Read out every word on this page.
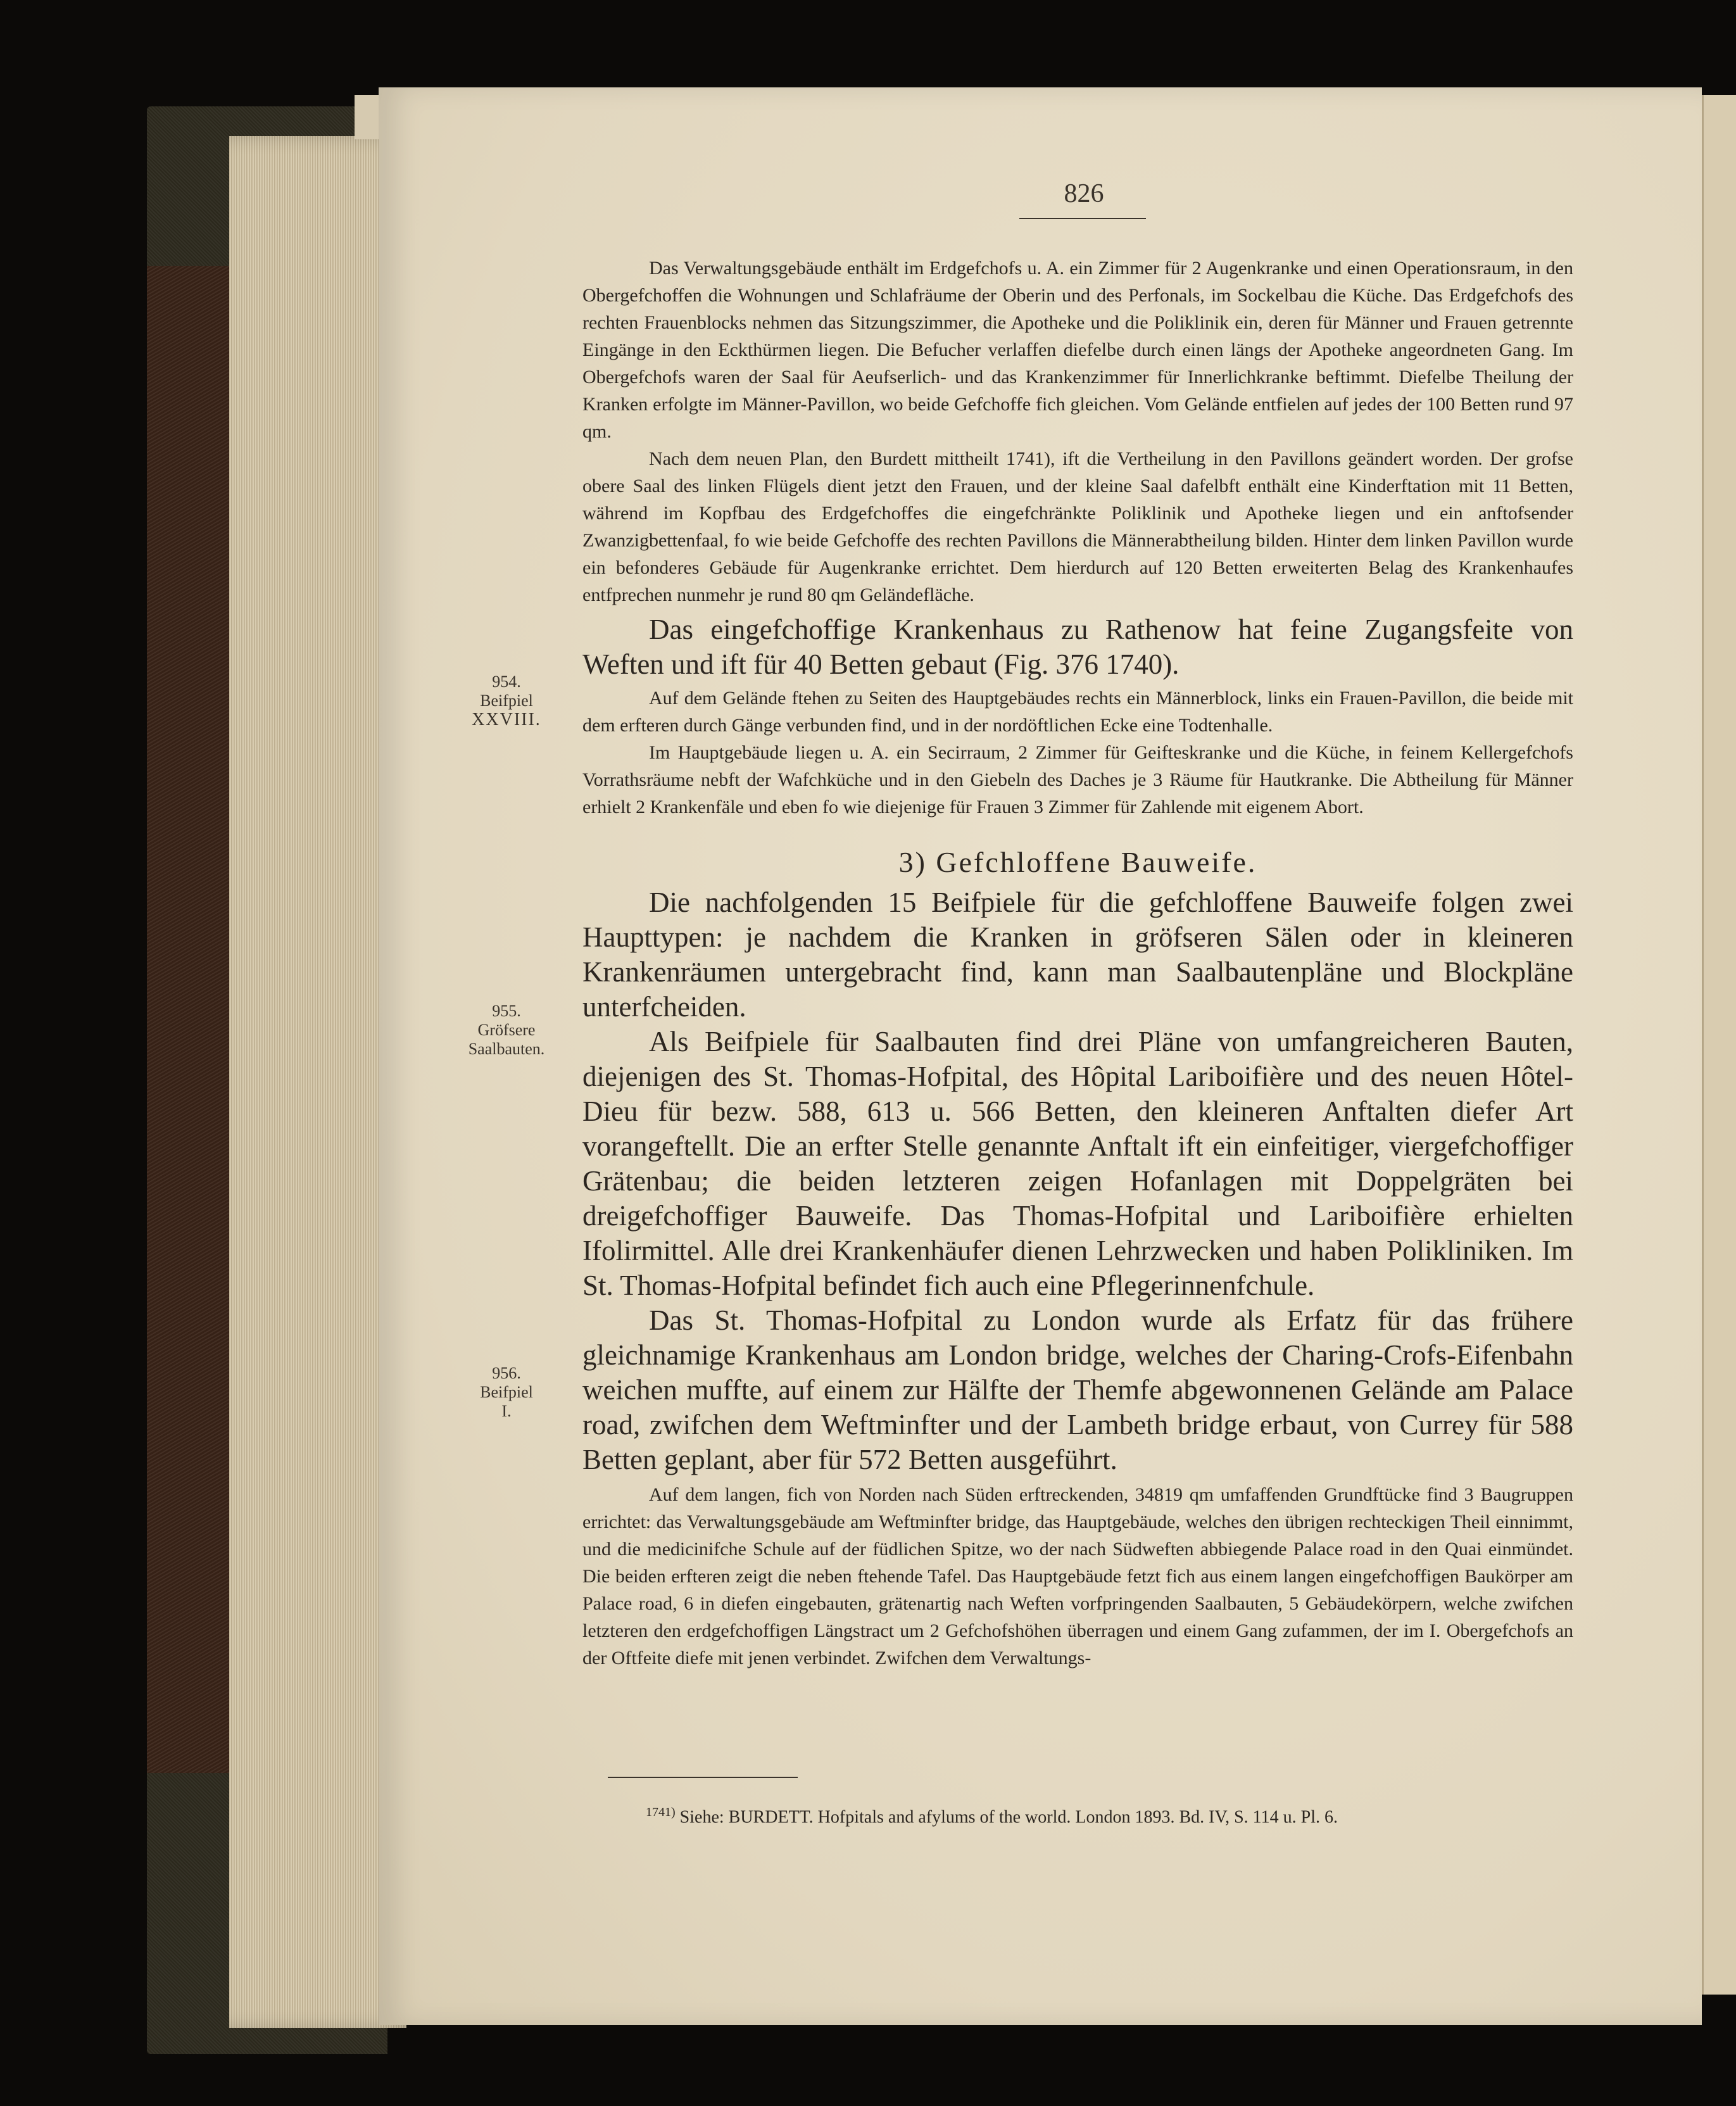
826
954.
Beifpiel
XXVIII.
955.
Gröfsere
Saalbauten.
956.
Beifpiel
I.

Das Verwaltungsgebäude enthält im Erdgefchofs u. A. ein Zimmer für 2 Augenkranke und einen Operationsraum, in den Obergefchoffen die Wohnungen und Schlafräume der Oberin und des Perfonals, im Sockelbau die Küche. Das Erdgefchofs des rechten Frauenblocks nehmen das Sitzungszimmer, die Apotheke und die Poliklinik ein, deren für Männer und Frauen getrennte Eingänge in den Eckthürmen liegen. Die Befucher verlaffen diefelbe durch einen längs der Apotheke angeordneten Gang. Im Obergefchofs waren der Saal für Aeufserlich- und das Krankenzimmer für Innerlichkranke beftimmt. Diefelbe Theilung der Kranken erfolgte im Männer-Pavillon, wo beide Gefchoffe fich gleichen. Vom Gelände entfielen auf jedes der 100 Betten rund 97 qm.

Nach dem neuen Plan, den Burdett mittheilt 1741), ift die Vertheilung in den Pavillons geändert worden. Der grofse obere Saal des linken Flügels dient jetzt den Frauen, und der kleine Saal dafelbft enthält eine Kinderftation mit 11 Betten, während im Kopfbau des Erdgefchoffes die eingefchränkte Poliklinik und Apotheke liegen und ein anftofsender Zwanzigbettenfaal, fo wie beide Gefchoffe des rechten Pavillons die Männerabtheilung bilden. Hinter dem linken Pavillon wurde ein befonderes Gebäude für Augenkranke errichtet. Dem hierdurch auf 120 Betten erweiterten Belag des Krankenhaufes entfprechen nunmehr je rund 80 qm Geländefläche.

Das eingefchoffige Krankenhaus zu Rathenow hat feine Zugangsfeite von Weften und ift für 40 Betten gebaut (Fig. 376 1740).

Auf dem Gelände ftehen zu Seiten des Hauptgebäudes rechts ein Männerblock, links ein Frauen-Pavillon, die beide mit dem erfteren durch Gänge verbunden find, und in der nordöftlichen Ecke eine Todtenhalle.

Im Hauptgebäude liegen u. A. ein Secirraum, 2 Zimmer für Geifteskranke und die Küche, in feinem Kellergefchofs Vorrathsräume nebft der Wafchküche und in den Giebeln des Daches je 3 Räume für Hautkranke. Die Abtheilung für Männer erhielt 2 Krankenfäle und eben fo wie diejenige für Frauen 3 Zimmer für Zahlende mit eigenem Abort.

3) Gefchloffene Bauweife.

Die nachfolgenden 15 Beifpiele für die gefchloffene Bauweife folgen zwei Haupttypen: je nachdem die Kranken in gröfseren Sälen oder in kleineren Krankenräumen untergebracht find, kann man Saalbautenpläne und Blockpläne unterfcheiden.

Als Beifpiele für Saalbauten find drei Pläne von umfangreicheren Bauten, diejenigen des St. Thomas-Hofpital, des Hôpital Lariboifière und des neuen Hôtel-Dieu für bezw. 588, 613 u. 566 Betten, den kleineren Anftalten diefer Art vorangeftellt. Die an erfter Stelle genannte Anftalt ift ein einfeitiger, viergefchoffiger Grätenbau; die beiden letzteren zeigen Hofanlagen mit Doppelgräten bei dreigefchoffiger Bauweife. Das Thomas-Hofpital und Lariboifière erhielten Ifolirmittel. Alle drei Krankenhäufer dienen Lehrzwecken und haben Polikliniken. Im St. Thomas-Hofpital befindet fich auch eine Pflegerinnenfchule.

Das St. Thomas-Hofpital zu London wurde als Erfatz für das frühere gleichnamige Krankenhaus am London bridge, welches der Charing-Crofs-Eifenbahn weichen muffte, auf einem zur Hälfte der Themfe abgewonnenen Gelände am Palace road, zwifchen dem Weftminfter und der Lambeth bridge erbaut, von Currey für 588 Betten geplant, aber für 572 Betten ausgeführt.

Auf dem langen, fich von Norden nach Süden erftreckenden, 34819 qm umfaffenden Grundftücke find 3 Baugruppen errichtet: das Verwaltungsgebäude am Weftminfter bridge, das Hauptgebäude, welches den übrigen rechteckigen Theil einnimmt, und die medicinifche Schule auf der füdlichen Spitze, wo der nach Südweften abbiegende Palace road in den Quai einmündet. Die beiden erfteren zeigt die neben ftehende Tafel. Das Hauptgebäude fetzt fich aus einem langen eingefchoffigen Baukörper am Palace road, 6 in diefen eingebauten, grätenartig nach Weften vorfpringenden Saalbauten, 5 Gebäudekörpern, welche zwifchen letzteren den erdgefchoffigen Längstract um 2 Gefchofshöhen überragen und einem Gang zufammen, der im I. Obergefchofs an der Oftfeite diefe mit jenen verbindet. Zwifchen dem Verwaltungs-

$^{1741)}$ Siehe: BURDETT. Hofpitals and afylums of the world. London 1893. Bd. IV, S. 114 u. Pl. 6.
